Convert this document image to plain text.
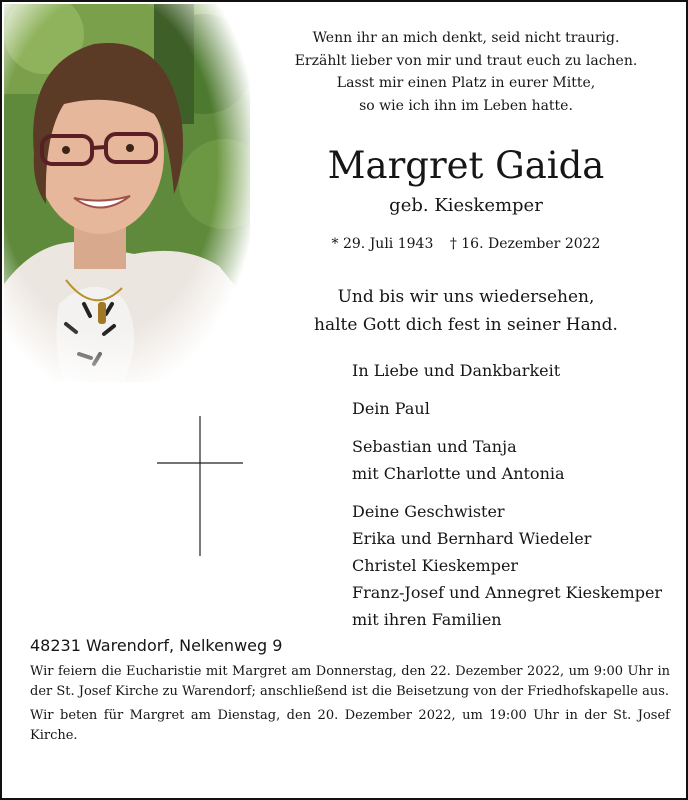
Wenn ihr an mich denkt, seid nicht traurig.
Erzählt lieber von mir und traut euch zu lachen.
Lasst mir einen Platz in eurer Mitte,
so wie ich ihn im Leben hatte.
Margret Gaida
geb. Kieskemper
* 29. Juli 1943 † 16. Dezember 2022
Und bis wir uns wiedersehen,
halte Gott dich fest in seiner Hand.
In Liebe und Dankbarkeit
Dein Paul
Sebastian und Tanja
mit Charlotte und Antonia
Deine Geschwister
Erika und Bernhard Wiedeler
Christel Kieskemper
Franz-Josef und Annegret Kieskemper
mit ihren Familien
48231 Warendorf, Nelkenweg 9

Wir feiern die Eucharistie mit Margret am Donnerstag, den 22. Dezember 2022, um 9:00 Uhr in der St. Josef Kirche zu Warendorf; anschließend ist die Beisetzung von der Friedhofskapelle aus.

Wir beten für Margret am Dienstag, den 20. Dezember 2022, um 19:00 Uhr in der St. Josef Kirche.
